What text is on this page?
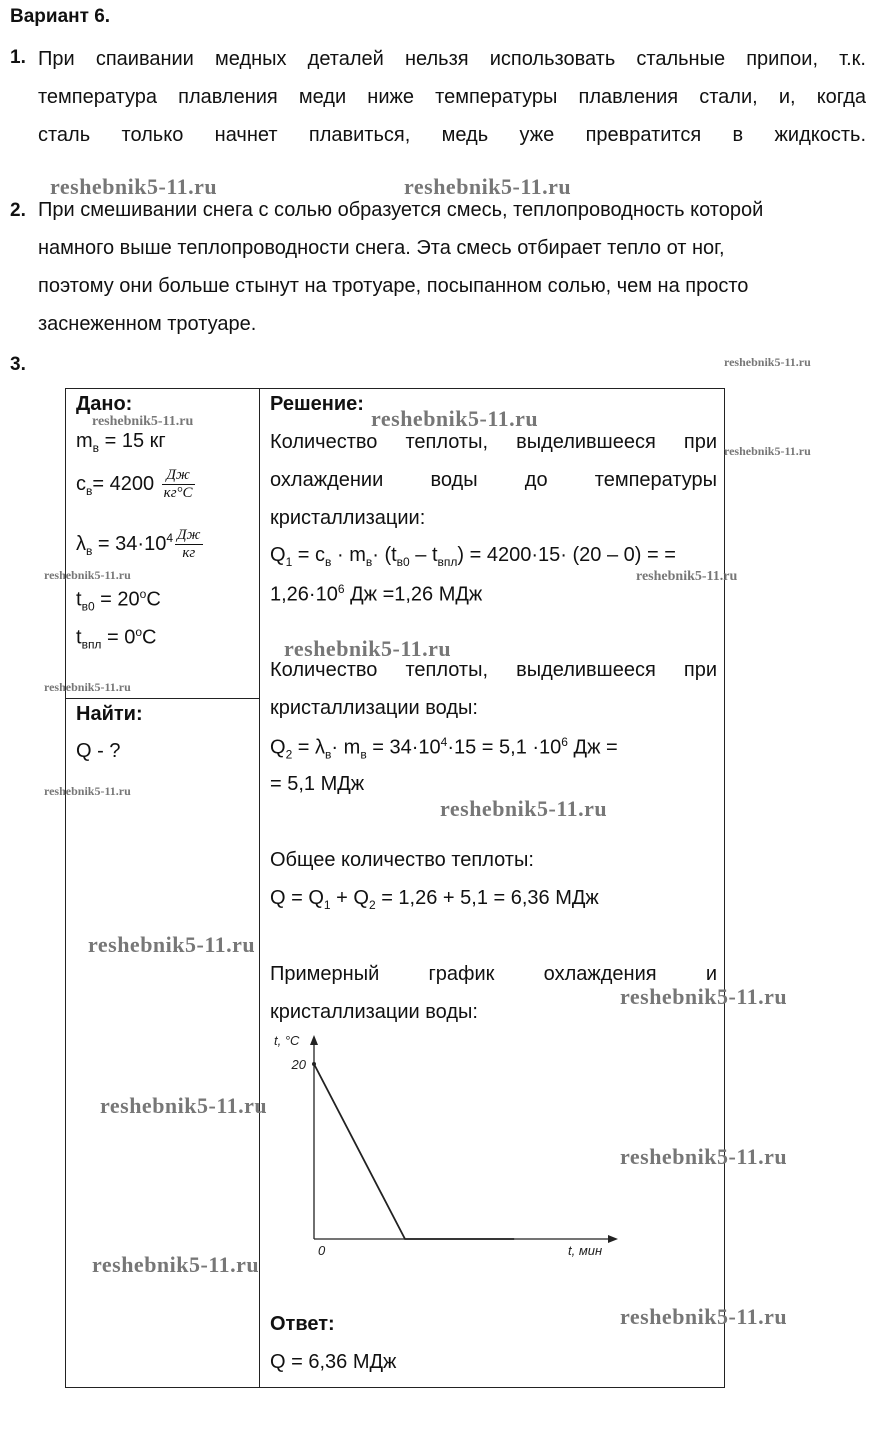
Вариант 6.
1. При спаивании медных деталей нельзя использовать стальные припои, т.к.
температура плавления меди ниже температуры плавления стали, и, когда
сталь только начнет плавиться, медь уже превратится в жидкость.
2. При смешивании снега с солью образуется смесь, теплопроводность которой
намного выше теплопроводности снега. Эта смесь отбирает тепло от ног,
поэтому они больше стынут на тротуаре, посыпанном солью, чем на просто
заснеженном тротуаре.
3.
Дано:
$m_в = 15$ кг
$c_в= 4200 \frac{Дж}{кг^\circ C}$
$\lambda_в = 34\cdot 10^4 \frac{Дж}{кг}$
$t_{в0} = 20^oC$
$t_{впл} = 0^oC$
Найти:
Q - ?
Решение:
Количество теплоты, выделившееся при
охлаждении воды до температуры
кристаллизации:
$Q_1 = c_в \cdot m_в\cdot (t_{в0} - t_{впл}) = 4200\cdot 15\cdot (20 - 0)$ = =
$1,26\cdot 10^6$ Дж =1,26 МДж
Количество теплоты, выделившееся при
кристаллизации воды:
$Q_2 = \lambda_в\cdot m_в = 34\cdot 10^4\cdot 15 = 5,1 \cdot 10^6$ Дж =
= 5,1 МДж
Общее количество теплоты:
$Q = Q_1 + Q_2 = 1,26 + 5,1 = 6,36$ МДж
Примерный график охлаждения и
кристаллизации воды:
t, °C
t, мин
20
0
Ответ:
Q = 6,36 МДж
reshebnik5-11.ru	reshebnik5-11.ru
reshebnik5-11.ru
reshebnik5-11.ru	reshebnik5-11.ru
reshebnik5-11.ru
reshebnik5-11.ru	reshebnik5-11.ru
reshebnik5-11.ru
reshebnik5-11.ru
reshebnik5-11.ru
reshebnik5-11.ru
reshebnik5-11.ru
reshebnik5-11.ru
reshebnik5-11.ru
reshebnik5-11.ru
reshebnik5-11.ru
reshebnik5-11.ru
